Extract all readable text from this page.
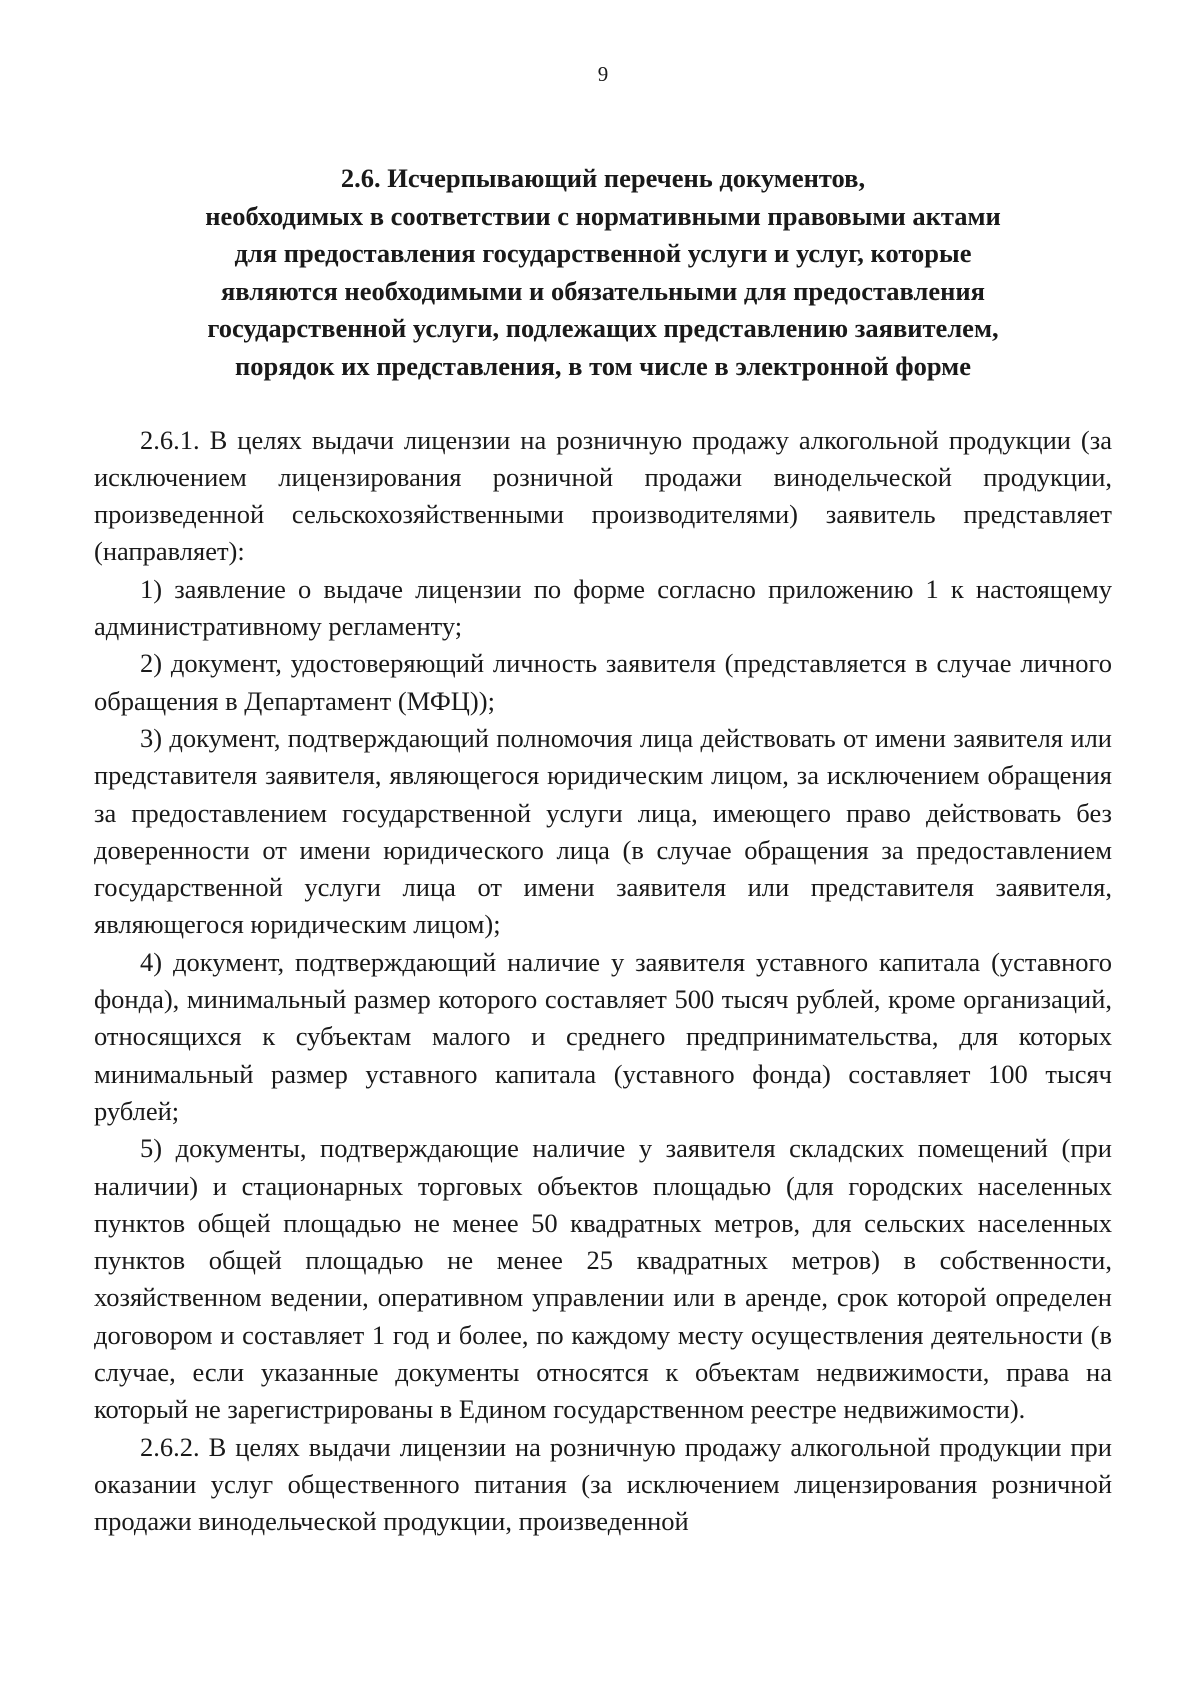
9
2.6. Исчерпывающий перечень документов,
необходимых в соответствии с нормативными правовыми актами
для предоставления государственной услуги и услуг, которые
являются необходимыми и обязательными для предоставления
государственной услуги, подлежащих представлению заявителем,
порядок их представления, в том числе в электронной форме

2.6.1. В целях выдачи лицензии на розничную продажу алкогольной продукции (за исключением лицензирования розничной продажи винодельческой продукции, произведенной сельскохозяйственными производителями) заявитель представляет (направляет):

1) заявление о выдаче лицензии по форме согласно приложению 1 к настоящему административному регламенту;

2) документ, удостоверяющий личность заявителя (представляется в случае личного обращения в Департамент (МФЦ));

3) документ, подтверждающий полномочия лица действовать от имени заявителя или представителя заявителя, являющегося юридическим лицом, за исключением обращения за предоставлением государственной услуги лица, имеющего право действовать без доверенности от имени юридического лица (в случае обращения за предоставлением государственной услуги лица от имени заявителя или представителя заявителя, являющегося юридическим лицом);

4) документ, подтверждающий наличие у заявителя уставного капитала (уставного фонда), минимальный размер которого составляет 500 тысяч рублей, кроме организаций, относящихся к субъектам малого и среднего предпринимательства, для которых минимальный размер уставного капитала (уставного фонда) составляет 100 тысяч рублей;

5) документы, подтверждающие наличие у заявителя складских помещений (при наличии) и стационарных торговых объектов площадью (для городских населенных пунктов общей площадью не менее 50 квадратных метров, для сельских населенных пунктов общей площадью не менее 25 квадратных метров) в собственности, хозяйственном ведении, оперативном управлении или в аренде, срок которой определен договором и составляет 1 год и более, по каждому месту осуществления деятельности (в случае, если указанные документы относятся к объектам недвижимости, права на который не зарегистрированы в Едином государственном реестре недвижимости).

2.6.2. В целях выдачи лицензии на розничную продажу алкогольной продукции при оказании услуг общественного питания (за исключением лицензирования розничной продажи винодельческой продукции, произведенной
